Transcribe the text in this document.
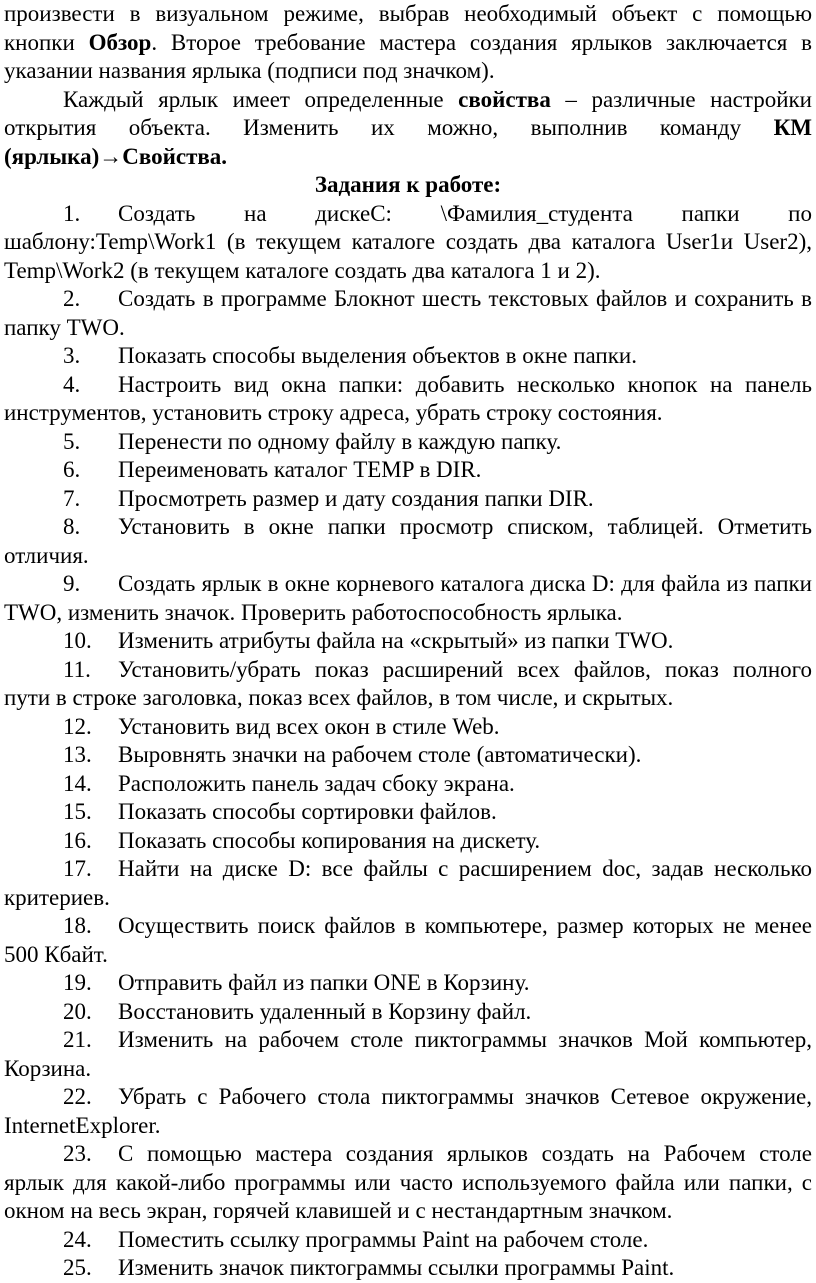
произвести в визуальном режиме, выбрав необходимый объект с помощью кнопки Обзор. Второе требование мастера создания ярлыков заключается в указании названия ярлыка (подписи под значком).

Каждый ярлык имеет определенные свойства – различные настройки открытия объекта. Изменить их можно, выполнив команду КМ (ярлыка)→Свойства.

Задания к работе:

1. Создать на дискеС: \Фамилия_студента папки по шаблону:Temp\Work1 (в текущем каталоге создать два каталога User1и User2), Temp\Work2 (в текущем каталоге создать два каталога 1 и 2).

2. Создать в программе Блокнот шесть текстовых файлов и сохранить в папку TWO.

3. Показать способы выделения объектов в окне папки.

4. Настроить вид окна папки: добавить несколько кнопок на панель инструментов, установить строку адреса, убрать строку состояния.

5. Перенести по одному файлу в каждую папку.

6. Переименовать каталог TEMP в DIR.

7. Просмотреть размер и дату создания папки DIR.

8. Установить в окне папки просмотр списком, таблицей. Отметить отличия.

9. Создать ярлык в окне корневого каталога диска D: для файла из папки TWO, изменить значок. Проверить работоспособность ярлыка.

10. Изменить атрибуты файла на «скрытый» из папки TWO.

11. Установить/убрать показ расширений всех файлов, показ полного пути в строке заголовка, показ всех файлов, в том числе, и скрытых.

12. Установить вид всех окон в стиле Web.

13. Выровнять значки на рабочем столе (автоматически).

14. Расположить панель задач сбоку экрана.

15. Показать способы сортировки файлов.

16. Показать способы копирования на дискету.

17. Найти на диске D: все файлы с расширением doc, задав несколько критериев.

18. Осуществить поиск файлов в компьютере, размер которых не менее 500 Кбайт.

19. Отправить файл из папки ONE в Корзину.

20. Восстановить удаленный в Корзину файл.

21. Изменить на рабочем столе пиктограммы значков Мой компьютер, Корзина.

22. Убрать с Рабочего стола пиктограммы значков Сетевое окружение, InternetExplorer.

23. С помощью мастера создания ярлыков создать на Рабочем столе ярлык для какой-либо программы или часто используемого файла или папки, с окном на весь экран, горячей клавишей и с нестандартным значком.

24. Поместить ссылку программы Paint на рабочем столе.

25. Изменить значок пиктограммы ссылки программы Paint.
